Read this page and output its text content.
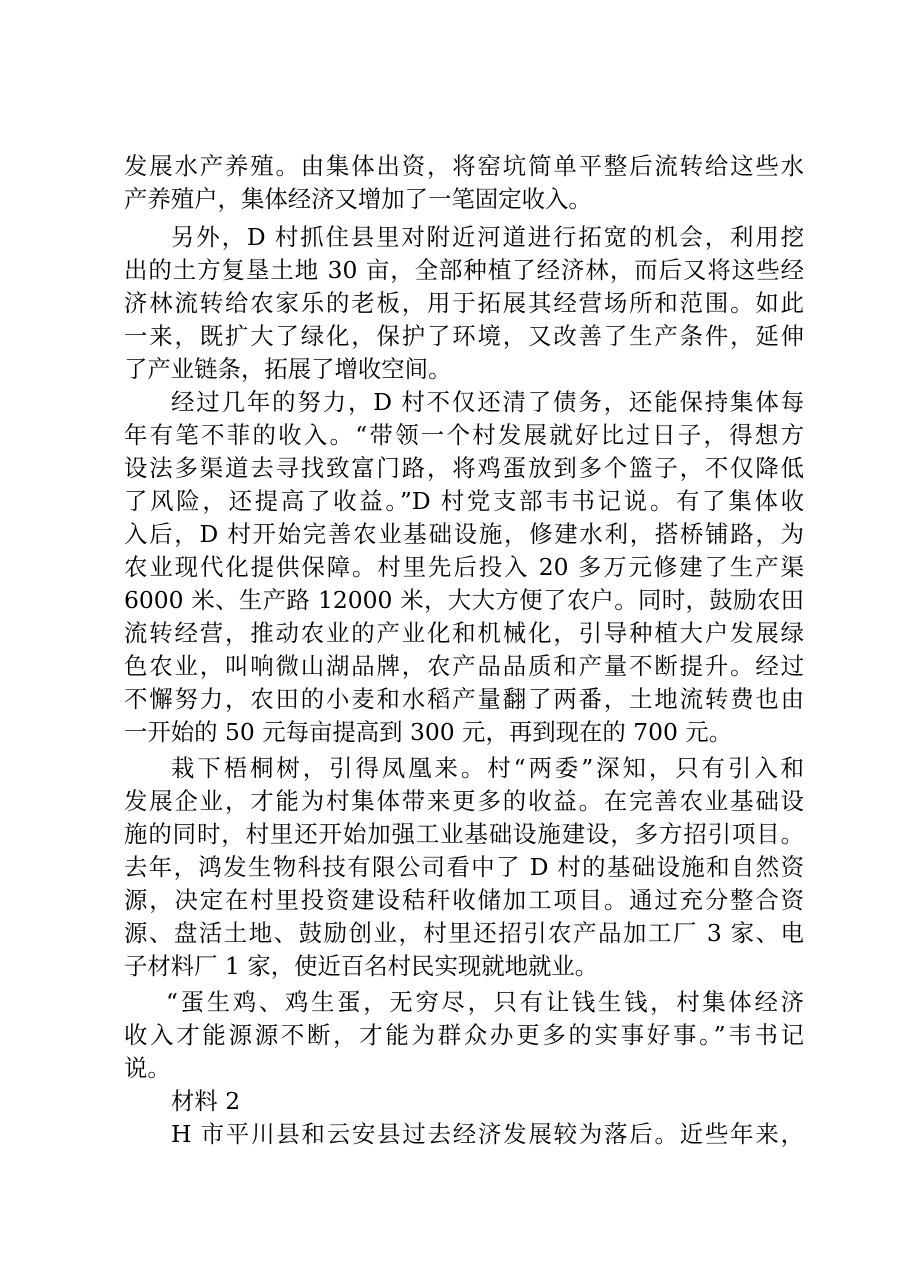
发展水产养殖。由集体出资，将窑坑简单平整后流转给这些水
产养殖户，集体经济又增加了一笔固定收入。
另外，D 村抓住县里对附近河道进行拓宽的机会，利用挖
出的土方复垦土地 30 亩，全部种植了经济林，而后又将这些经
济林流转给农家乐的老板，用于拓展其经营场所和范围。如此
一来，既扩大了绿化，保护了环境，又改善了生产条件，延伸
了产业链条，拓展了增收空间。
经过几年的努力，D 村不仅还清了债务，还能保持集体每
年有笔不菲的收入。“带领一个村发展就好比过日子，得想方
设法多渠道去寻找致富门路，将鸡蛋放到多个篮子，不仅降低
了风险，还提高了收益。”D 村党支部韦书记说。有了集体收
入后，D 村开始完善农业基础设施，修建水利，搭桥铺路，为
农业现代化提供保障。村里先后投入 20 多万元修建了生产渠
6000 米、生产路 12000 米，大大方便了农户。同时，鼓励农田
流转经营，推动农业的产业化和机械化，引导种植大户发展绿
色农业，叫响微山湖品牌，农产品品质和产量不断提升。经过
不懈努力，农田的小麦和水稻产量翻了两番，土地流转费也由
一开始的 50 元每亩提高到 300 元，再到现在的 700 元。
栽下梧桐树，引得凤凰来。村“两委”深知，只有引入和
发展企业，才能为村集体带来更多的收益。在完善农业基础设
施的同时，村里还开始加强工业基础设施建设，多方招引项目。
去年，鸿发生物科技有限公司看中了 D 村的基础设施和自然资
源，决定在村里投资建设秸秆收储加工项目。通过充分整合资
源、盘活土地、鼓励创业，村里还招引农产品加工厂 3 家、电
子材料厂 1 家，使近百名村民实现就地就业。
“蛋生鸡、鸡生蛋，无穷尽，只有让钱生钱，村集体经济
收入才能源源不断，才能为群众办更多的实事好事。”韦书记
说。
材料 2
H 市平川县和云安县过去经济发展较为落后。近些年来，
